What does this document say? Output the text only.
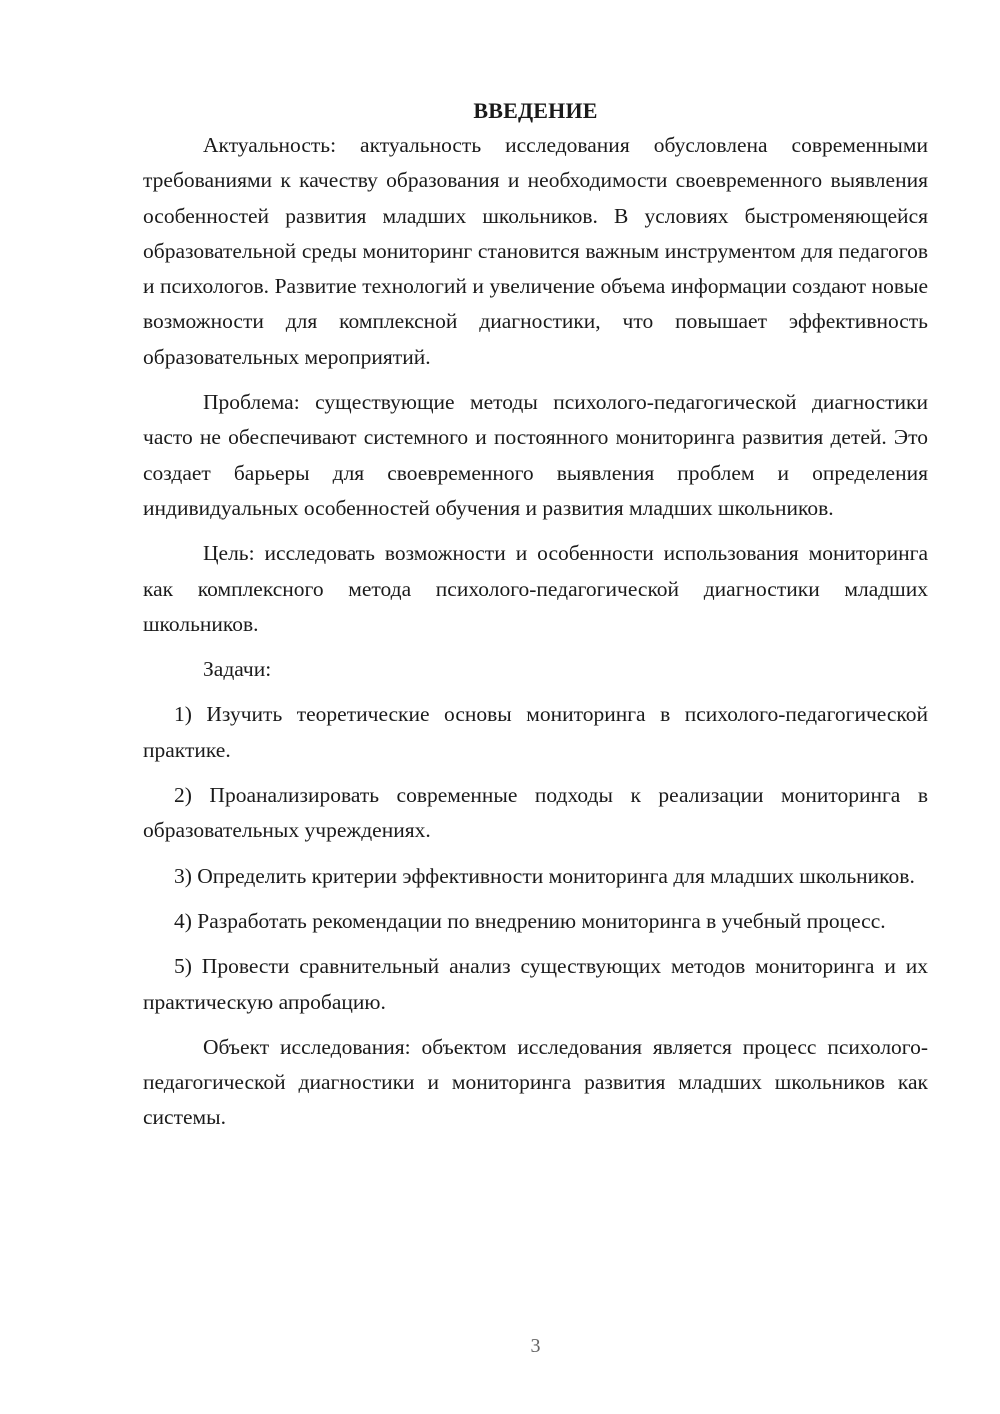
ВВЕДЕНИЕ

Актуальность: актуальность исследования обусловлена современными требованиями к качеству образования и необходимости своевременного выявления особенностей развития младших школьников. В условиях быстроменяющейся образовательной среды мониторинг становится важным инструментом для педагогов и психологов. Развитие технологий и увеличение объема информации создают новые возможности для комплексной диагностики, что повышает эффективность образовательных мероприятий.

Проблема: существующие методы психолого-педагогической диагностики часто не обеспечивают системного и постоянного мониторинга развития детей. Это создает барьеры для своевременного выявления проблем и определения индивидуальных особенностей обучения и развития младших школьников.

Цель: исследовать возможности и особенности использования мониторинга как комплексного метода психолого-педагогической диагностики младших школьников.

Задачи:

1) Изучить теоретические основы мониторинга в психолого-педагогической практике.

2) Проанализировать современные подходы к реализации мониторинга в образовательных учреждениях.

3) Определить критерии эффективности мониторинга для младших школьников.

4) Разработать рекомендации по внедрению мониторинга в учебный процесс.

5) Провести сравнительный анализ существующих методов мониторинга и их практическую апробацию.

Объект исследования: объектом исследования является процесс психолого-педагогической диагностики и мониторинга развития младших школьников как системы.

3
